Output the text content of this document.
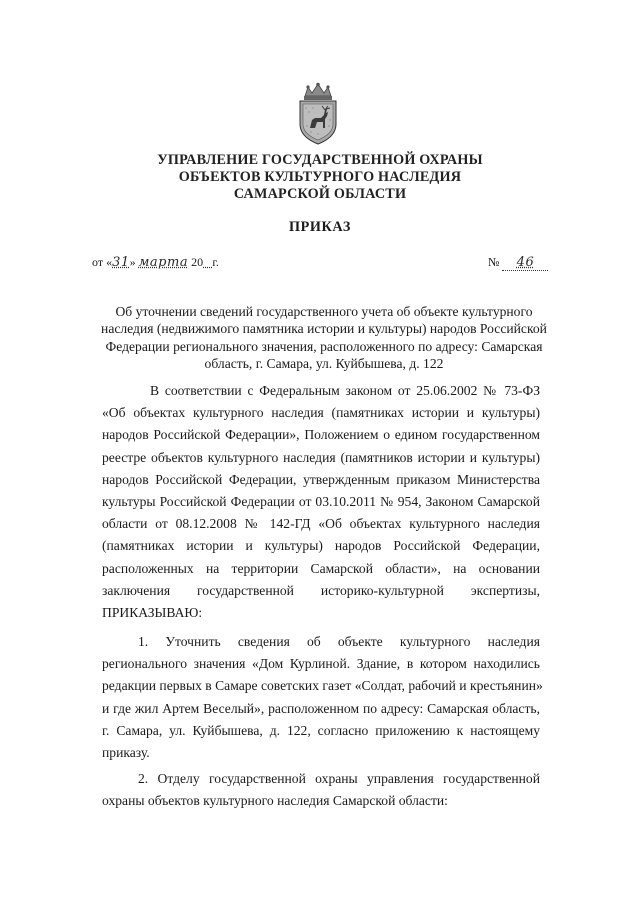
УПРАВЛЕНИЕ ГОСУДАРСТВЕННОЙ ОХРАНЫ
ОБЪЕКТОВ КУЛЬТУРНОГО НАСЛЕДИЯ
САМАРСКОЙ ОБЛАСТИ
ПРИКАЗ
от «31» марта 20 г.	№ 46
Об уточнении сведений государственного учета об объекте культурного
наследия (недвижимого памятника истории и культуры) народов Российской
Федерации регионального значения, расположенного по адресу: Самарская
область, г. Самара, ул. Куйбышева, д. 122
В соответствии с Федеральным законом от 25.06.2002 № 73-ФЗ
«Об объектах культурного наследия (памятниках истории и культуры)
народов Российской Федерации», Положением о едином государственном
реестре объектов культурного наследия (памятников истории и культуры)
народов Российской Федерации, утвержденным приказом Министерства
культуры Российской Федерации от 03.10.2011 № 954, Законом Самарской
области от 08.12.2008 № 142-ГД «Об объектах культурного наследия
(памятниках истории и культуры) народов Российской Федерации,
расположенных на территории Самарской области», на основании
заключения государственной историко-культурной экспертизы,
ПРИКАЗЫВАЮ:
1. Уточнить сведения об объекте культурного наследия
регионального значения «Дом Курлиной. Здание, в котором находились
редакции первых в Самаре советских газет «Солдат, рабочий и крестьянин»
и где жил Артем Веселый», расположенном по адресу: Самарская область,
г. Самара, ул. Куйбышева, д. 122, согласно приложению к настоящему
приказу.
2. Отделу государственной охраны управления государственной
охраны объектов культурного наследия Самарской области:
